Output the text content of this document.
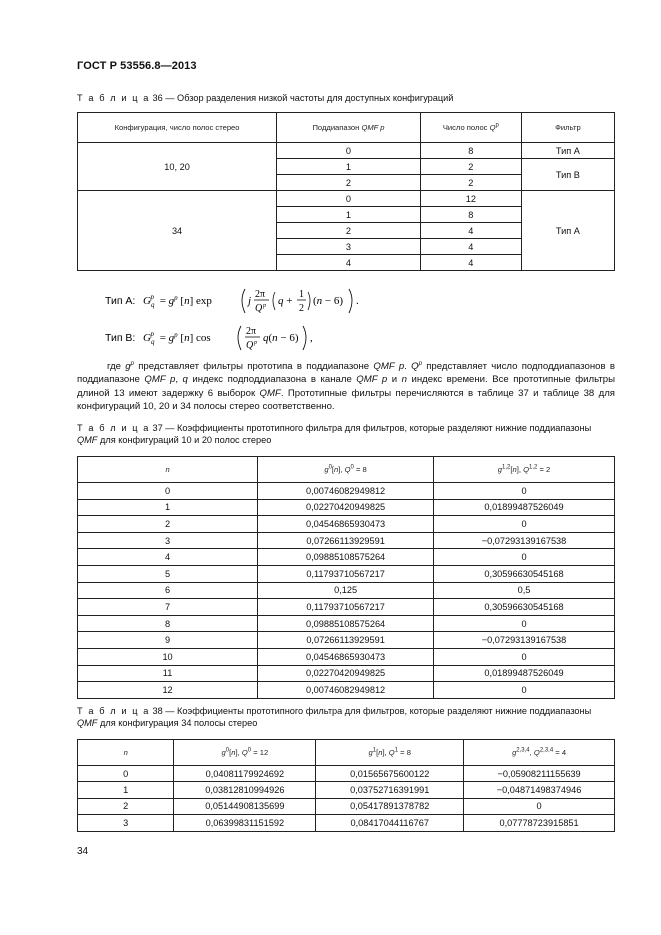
ГОСТ Р 53556.8—2013
Т а б л и ц а 36 — Обзор разделения низкой частоты для доступных конфигураций
Конфигурация, число полос стерео	Поддиапазон QMF p	Число полос $Q^p$	Фильтр
10, 20	0	8	Тип А
	1	2	Тип В
	2	2	
34	0	12	Тип А
	1	8	
	2	4	
	3	4	
	4	4	
Тип А: $G_qp = g^p$ [n] exp	j
2π
Q p q +
1
2
(n − 6) .
Тип В: $G_qp = g^p$ [n] cos
2π
Q p q(n − 6) ,
где $g^p$ представляет фильтры прототипа в поддиапазоне QMF p. $Q^p$ представляет число подподдиапазонов в поддиапазоне QMF p, q индекс подподдиапазона в канале QMF p и n индекс времени. Все прототипные фильтры длиной 13 имеют задержку 6 выборок QMF. Прототипные фильтры перечисляются в таблице 37 и таблице 38 для конфигураций 10, 20 и 34 полосы стерео соответственно.
Т а б л и ц а 37 — Коэффициенты прототипного фильтра для фильтров, которые разделяют нижние поддиапазоны
QMF для конфигураций 10 и 20 полос стерео
n	$g^0[n]$, $Q^0 = 8$	$g^{1,2}[n]$, Q$^{1,2}$ = 2
0	0,00746082949812	0
1	0,02270420949825	0,01899487526049
2	0,04546865930473	0
3	0,07266113929591	−0,07293139167538
4	0,09885108575264	0
5	0,11793710567217	0,30596630545168
6	0,125	0,5
7	0,11793710567217	0,30596630545168
8	0,09885108575264	0
9	0,07266113929591	−0,07293139167538
10	0,04546865930473	0
11	0,02270420949825	0,01899487526049
12	0,00746082949812	0
Т а б л и ц а 38 — Коэффициенты прототипного фильтра для фильтров, которые разделяют нижние поддиапазоны
QMF для конфигурация 34 полосы стерео
n	$g^0[n]$, $Q^0 = 12$	$g^1[n]$, $Q^1 = 8$	$g^{2,3,4}$, Q$^{2,3,4}$ = 4
0	0,04081179924692	0,01565675600122	−0,05908211155639
1	0,03812810994926	0,03752716391991	−0,04871498374946
2	0,05144908135699	0,05417891378782	0
3	0,06399831151592	0,08417044116767	0,07778723915851
34
